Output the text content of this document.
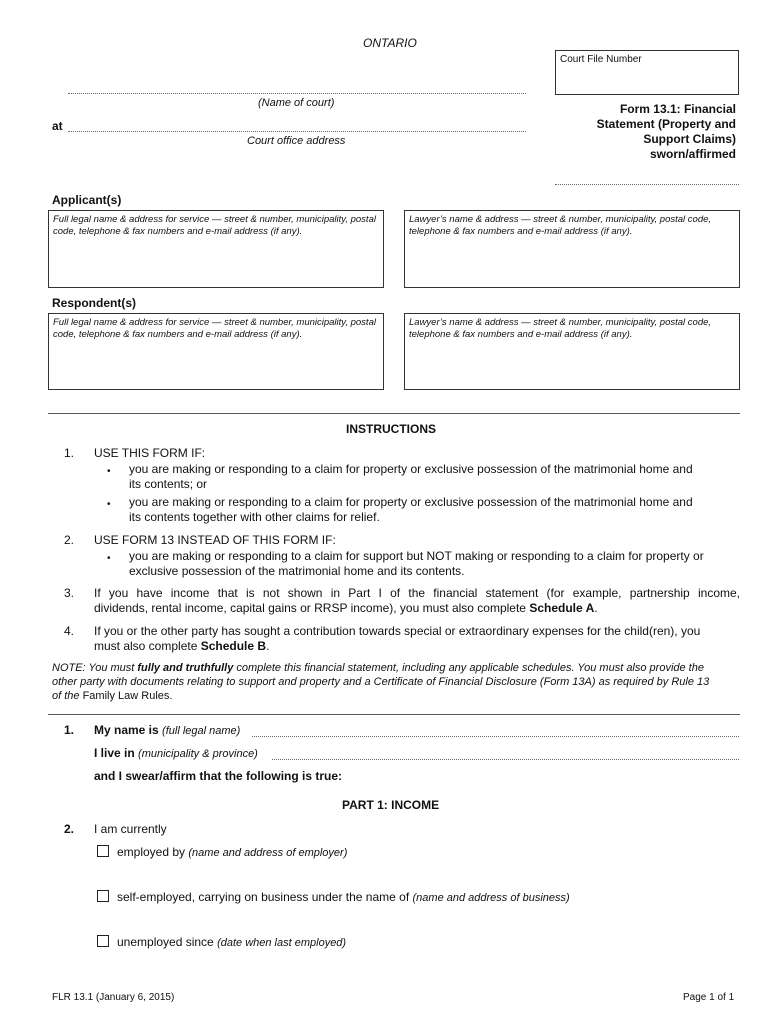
ONTARIO
Court File Number
(Name of court)
at
Court office address
Form 13.1: Financial
Statement (Property and
Support Claims)
sworn/affirmed
Applicant(s)
Full legal name & address for service — street & number, municipality, postal code, telephone & fax numbers and e-mail address (if any).
Lawyer’s name & address — street & number, municipality, postal code, telephone & fax numbers and e-mail address (if any).
Respondent(s)
Full legal name & address for service — street & number, municipality, postal code, telephone & fax numbers and e-mail address (if any).
Lawyer’s name & address — street & number, municipality, postal code, telephone & fax numbers and e-mail address (if any).
INSTRUCTIONS
1. USE THIS FORM IF:
• you are making or responding to a claim for property or exclusive possession of the matrimonial home and
its contents; or
• you are making or responding to a claim for property or exclusive possession of the matrimonial home and
its contents together with other claims for relief.
2. USE FORM 13 INSTEAD OF THIS FORM IF:
• you are making or responding to a claim for support but NOT making or responding to a claim for property or
exclusive possession of the matrimonial home and its contents.
3. If you have income that is not shown in Part I of the financial statement (for example, partnership income,
dividends, rental income, capital gains or RRSP income), you must also complete Schedule A.
4. If you or the other party has sought a contribution towards special or extraordinary expenses for the child(ren), you
must also complete Schedule B.
NOTE: You must fully and truthfully complete this financial statement, including any applicable schedules. You must also provide the
other party with documents relating to support and property and a Certificate of Financial Disclosure (Form 13A) as required by Rule 13
of the Family Law Rules.
1. My name is (full legal name)
I live in (municipality & province)
and I swear/affirm that the following is true:
PART 1: INCOME
2. I am currently
employed by (name and address of employer)
self-employed, carrying on business under the name of (name and address of business)
unemployed since (date when last employed)
FLR 13.1 (January 6, 2015)	Page 1 of 1
